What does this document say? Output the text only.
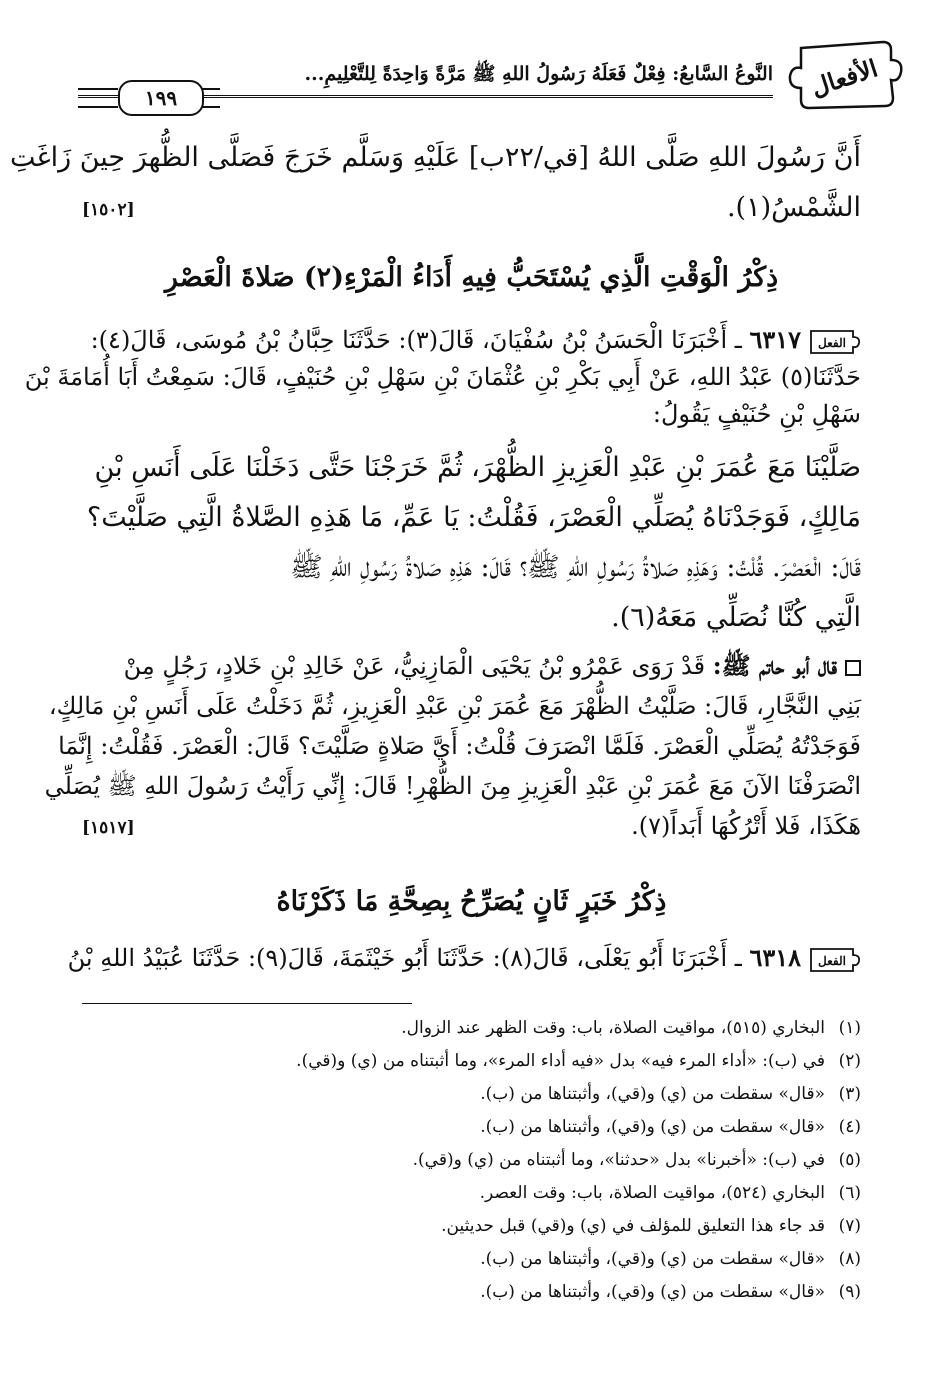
الأفعال
النَّوعُ السَّابعُ: فِعْلٌ فَعَلَهُ رَسُولُ اللهِ ﷺ مَرَّةً وَاحِدَةً لِلتَّعْلِيمِ...
١٩٩
أَنَّ رَسُولَ اللهِ صَلَّى اللهُ [قي/٢٢ب] عَلَيْهِ وَسَلَّم خَرَجَ فَصَلَّى الظُّهرَ حِينَ زَاغَتِ
الشَّمْسُ(١).
[١٥٠٢]
ذِكْرُ الْوَقْتِ الَّذِي يُسْتَحَبُّ فِيهِ أَدَاءُ الْمَرْءِ(٢) صَلاةَ الْعَصْرِ
الفعل
٦٣١٧ ـ أَخْبَرَنَا الْحَسَنُ بْنُ سُفْيَانَ، قَالَ(٣): حَدَّثَنَا حِبَّانُ بْنُ مُوسَى، قَالَ(٤):
حَدَّثَنَا(٥) عَبْدُ اللهِ، عَنْ أَبِي بَكْرِ بْنِ عُثْمَانَ بْنِ سَهْلِ بْنِ حُنَيْفٍ، قَالَ: سَمِعْتُ أَبَا أُمَامَةَ بْنَ
سَهْلِ بْنِ حُنَيْفٍ يَقُولُ:
صَلَّيْنَا مَعَ عُمَرَ بْنِ عَبْدِ الْعَزِيزِ الظُّهْرَ، ثُمَّ خَرَجْنَا حَتَّى دَخَلْنَا عَلَى أَنَسِ بْنِ
مَالِكٍ، فَوَجَدْنَاهُ يُصَلِّي الْعَصْرَ، فَقُلْتُ: يَا عَمِّ، مَا هَذِهِ الصَّلاةُ الَّتِي صَلَّيْتَ؟
قَالَ: الْعَصْرَ. قُلْتُ: وَهَذِهِ صَلاةُ رَسُولِ اللهِ ﷺ؟ قَالَ: هَذِهِ صَلاةُ رَسُولِ اللهِ ﷺ
الَّتِي كُنَّا نُصَلِّي مَعَهُ(٦).
قال أبو حاتم ﷺ: قَدْ رَوَى عَمْرُو بْنُ يَحْيَى الْمَازِنِيُّ، عَنْ خَالِدِ بْنِ خَلادٍ، رَجُلٍ مِنْ
بَنِي النَّجَّارِ، قَالَ: صَلَّيْتُ الظُّهْرَ مَعَ عُمَرَ بْنِ عَبْدِ الْعَزِيزِ، ثُمَّ دَخَلْتُ عَلَى أَنَسِ بْنِ مَالِكٍ،
فَوَجَدْتُهُ يُصَلِّي الْعَصْرَ. فَلَمَّا انْصَرَفَ قُلْتُ: أَيَّ صَلاةٍ صَلَّيْتَ؟ قَالَ: الْعَصْرَ. فَقُلْتُ: إِنَّمَا
انْصَرَفْنَا الآنَ مَعَ عُمَرَ بْنِ عَبْدِ الْعَزِيزِ مِنَ الظُّهْرِ! قَالَ: إِنِّي رَأَيْتُ رَسُولَ اللهِ ﷺ يُصَلِّي
هَكَذَا، فَلا أَتْرُكُهَا أَبَداً(٧).
[١٥١٧]
ذِكْرُ خَبَرٍ ثَانٍ يُصَرِّحُ بِصِحَّةِ مَا ذَكَرْنَاهُ
الفعل
٦٣١٨ ـ أَخْبَرَنَا أَبُو يَعْلَى، قَالَ(٨): حَدَّثَنَا أَبُو خَيْثَمَةَ، قَالَ(٩): حَدَّثَنَا عُبَيْدُ اللهِ بْنُ
(١)البخاري (٥١٥)، مواقيت الصلاة، باب: وقت الظهر عند الزوال.
(٢)في (ب): «أداء المرء فيه» بدل «فيه أداء المرء»، وما أثبتناه من (ي) و(قي).
(٣)«قال» سقطت من (ي) و(قي)، وأثبتناها من (ب).
(٤)«قال» سقطت من (ي) و(قي)، وأثبتناها من (ب).
(٥)في (ب): «أخبرنا» بدل «حدثنا»، وما أثبتناه من (ي) و(قي).
(٦)البخاري (٥٢٤)، مواقيت الصلاة، باب: وقت العصر.
(٧)قد جاء هذا التعليق للمؤلف في (ي) و(قي) قبل حديثين.
(٨)«قال» سقطت من (ي) و(قي)، وأثبتناها من (ب).
(٩)«قال» سقطت من (ي) و(قي)، وأثبتناها من (ب).
